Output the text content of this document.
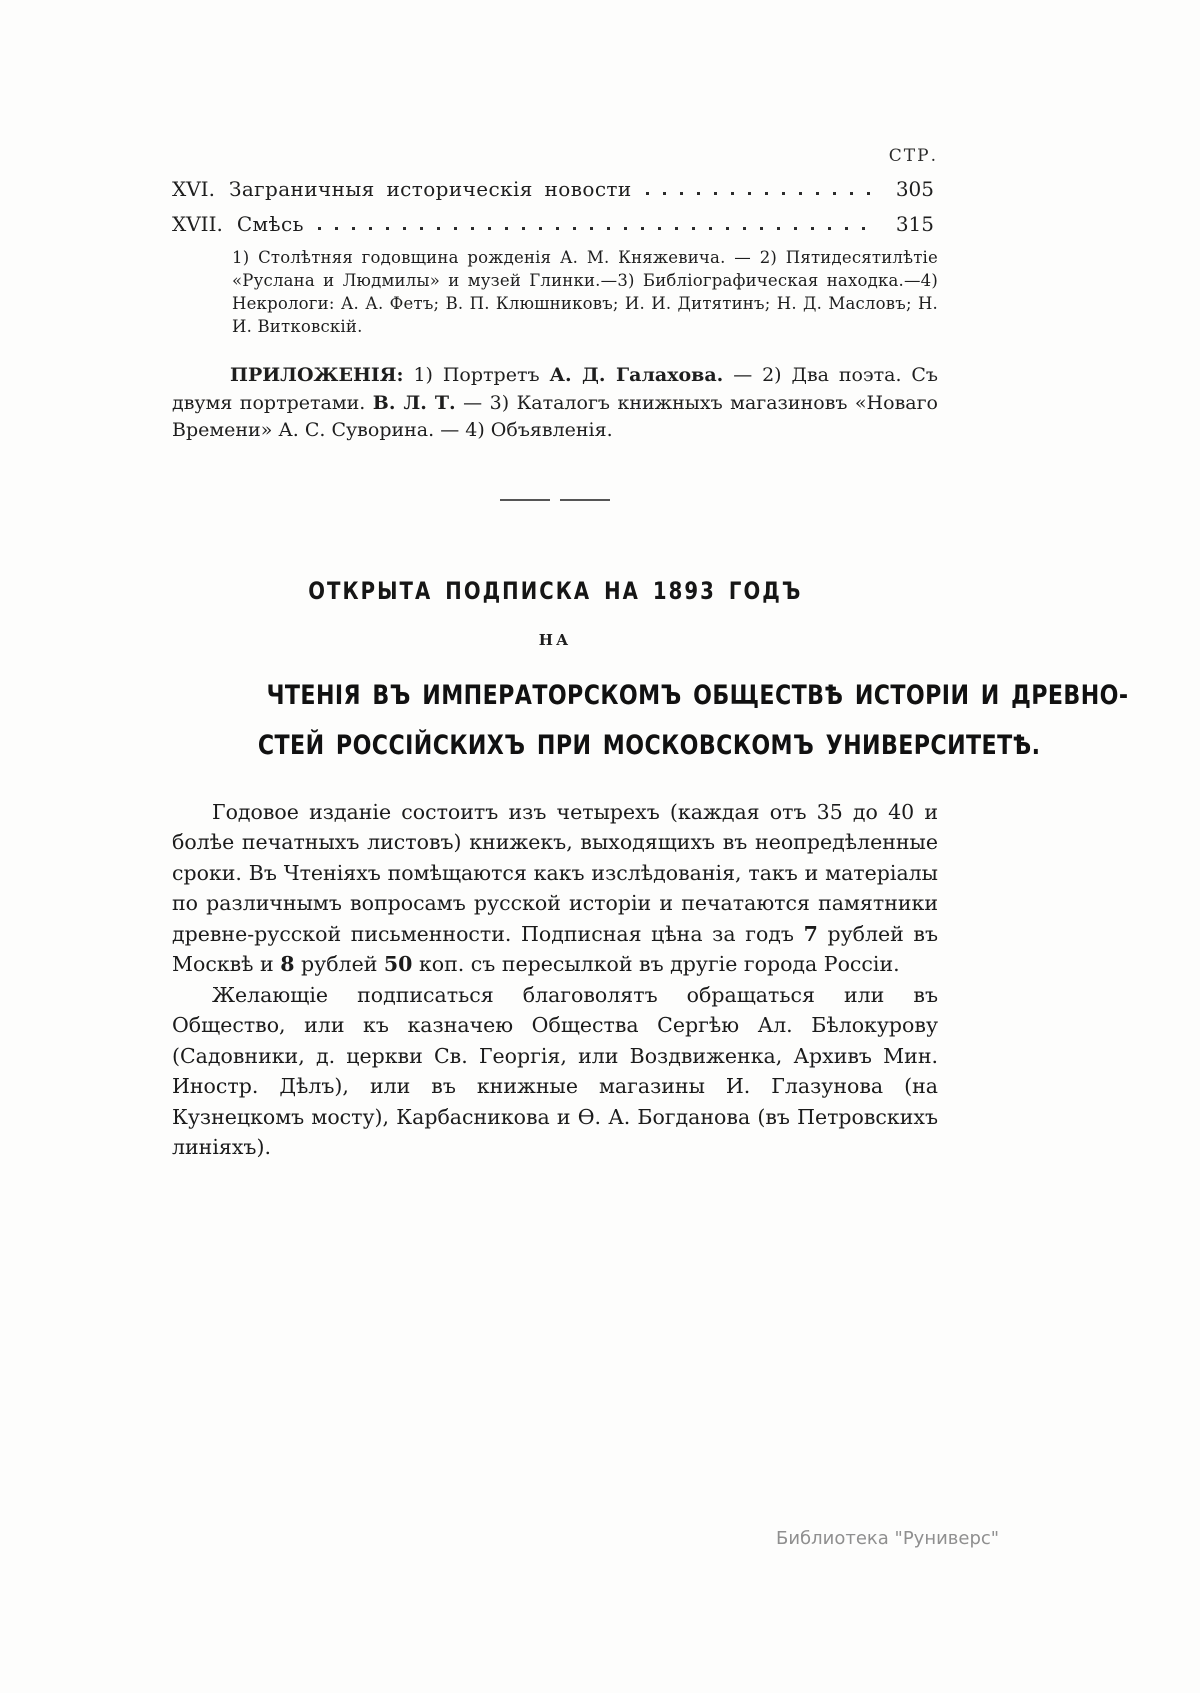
СТР.
XVI. Заграничныя историческія новости	305
XVII. Смѣсь	315
1) Столѣтняя годовщина рожденія А. М. Княжевича. — 2) Пятидесятилѣтіе «Руслана и Людмилы» и музей Глинки.—3) Библіографическая находка.—4) Некрологи: А. А. Фетъ; В. П. Клюшниковъ; И. И. Дитятинъ; Н. Д. Масловъ; Н. И. Витковскій.
ПРИЛОЖЕНІЯ: 1) Портретъ А. Д. Галахова. — 2) Два поэта. Съ двумя портретами. В. Л. Т. — 3) Каталогъ книжныхъ магазиновъ «Новаго Времени» А. С. Суворина. — 4) Объявленія.
ОТКРЫТА ПОДПИСКА НА 1893 ГОДЪ
НА
ЧТЕНІЯ ВЪ ИМПЕРАТОРСКОМЪ ОБЩЕСТВѢ ИСТОРІИ И ДРЕВНО-
СТЕЙ РОССІЙСКИХЪ ПРИ МОСКОВСКОМЪ УНИВЕРСИТЕТѢ.
Годовое изданіе состоитъ изъ четырехъ (каждая отъ 35 до 40 и болѣе печатныхъ листовъ) книжекъ, выходящихъ въ неопредѣленные сроки. Въ Чтеніяхъ помѣщаются какъ изслѣдованія, такъ и матеріалы по различнымъ вопросамъ русской исторіи и печатаются памятники древне-русской письменности. Подписная цѣна за годъ 7 рублей въ Москвѣ и 8 рублей 50 коп. съ пересылкой въ другіе города Россіи.
Желающіе подписаться благоволятъ обращаться или въ Общество, или къ казначею Общества Сергѣю Ал. Бѣлокурову (Садовники, д. церкви Св. Георгія, или Воздвиженка, Архивъ Мин. Иностр. Дѣлъ), или въ книжные магазины И. Глазунова (на Кузнецкомъ мосту), Карбасникова и Ѳ. А. Богданова (въ Петровскихъ линіяхъ).
Библиотека "Руниверс"
